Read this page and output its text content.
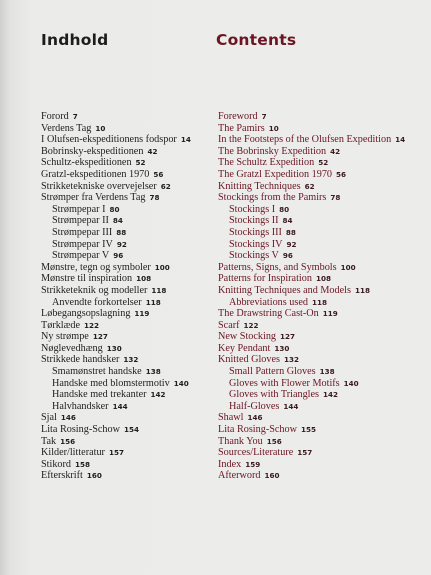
Indhold	Contents
Forord 7
Verdens Tag 10
I Olufsen-ekspeditionens fodspor 14
Bobrinsky-ekspeditionen 42
Schultz-ekspeditionen 52
Gratzl-ekspeditionen 1970 56
Strikketekniske overvejelser 62
Strømper fra Verdens Tag 78
Strømpepar I 80
Strømpepar II 84
Strømpepar III 88
Strømpepar IV 92
Strømpepar V 96
Mønstre, tegn og symboler 100
Mønstre til inspiration 108
Strikketeknik og modeller 118
Anvendte forkortelser 118
Løbegangsopslagning 119
Tørklæde 122
Ny strømpe 127
Nøglevedhæng 130
Strikkede handsker 132
Smamønstret handske 138
Handske med blomstermotiv 140
Handske med trekanter 142
Halvhandsker 144
Sjal 146
Lita Rosing-Schow 154
Tak 156
Kilder/litteratur 157
Stikord 158
Efterskrift 160
Foreword 7
The Pamirs 10
In the Footsteps of the Olufsen Expedition 14
The Bobrinsky Expedition 42
The Schultz Expedition 52
The Gratzl Expedition 1970 56
Knitting Techniques 62
Stockings from the Pamirs 78
Stockings I 80
Stockings II 84
Stockings III 88
Stockings IV 92
Stockings V 96
Patterns, Signs, and Symbols 100
Patterns for Inspiration 108
Knitting Techniques and Models 118
Abbreviations used 118
The Drawstring Cast-On 119
Scarf 122
New Stocking 127
Key Pendant 130
Knitted Gloves 132
Small Pattern Gloves 138
Gloves with Flower Motifs 140
Gloves with Triangles 142
Half-Gloves 144
Shawl 146
Lita Rosing-Schow 155
Thank You 156
Sources/Literature 157
Index 159
Afterword 160
